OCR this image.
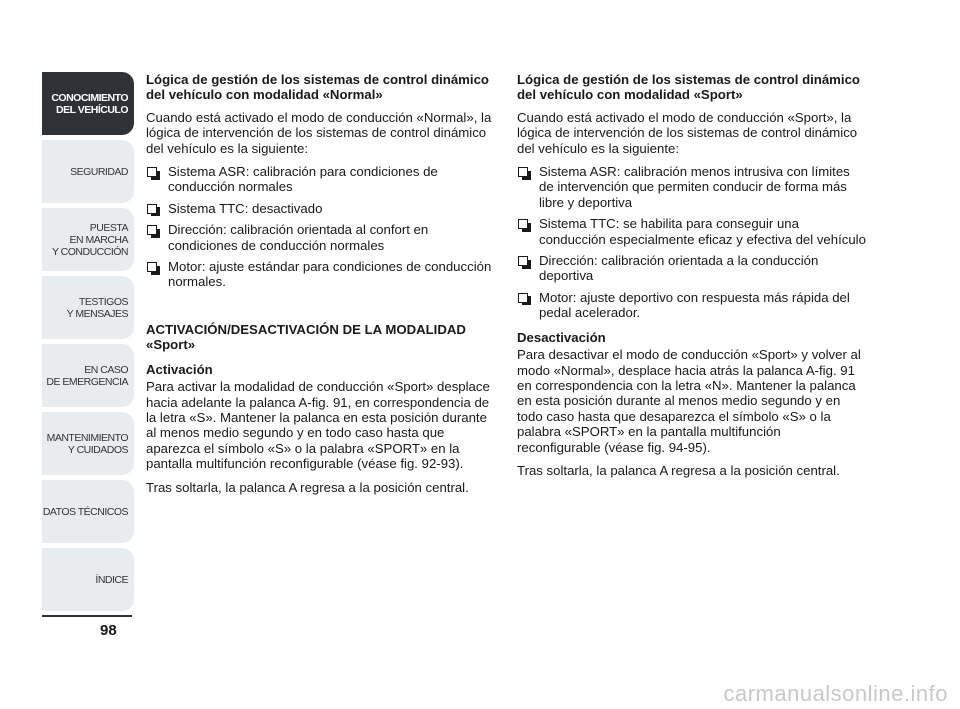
CONOCIMIENTO
DEL VEHÍCULO
SEGURIDAD
PUESTA
EN MARCHA
Y CONDUCCIÓN
TESTIGOS
Y MENSAJES
EN CASO
DE EMERGENCIA
MANTENIMIENTO
Y CUIDADOS
DATOS TÉCNICOS
ÍNDICE
98
Lógica de gestión de los sistemas de control dinámico del vehículo con modalidad «Normal»

Cuando está activado el modo de conducción «Normal», la lógica de intervención de los sistemas de control dinámico del vehículo es la siguiente:

Sistema ASR: calibración para condiciones de conducción normales
Sistema TTC: desactivado
Dirección: calibración orientada al confort en condiciones de conducción normales
Motor: ajuste estándar para condiciones de conducción normales.
ACTIVACIÓN/DESACTIVACIÓN DE LA MODALIDAD «Sport»
Activación

Para activar la modalidad de conducción «Sport» desplace hacia adelante la palanca A-fig. 91, en correspondencia de la letra «S». Mantener la palanca en esta posición durante al menos medio segundo y en todo caso hasta que aparezca el símbolo «S» o la palabra «SPORT» en la pantalla multifunción reconfigurable (véase fig. 92-93).

Tras soltarla, la palanca A regresa a la posición central.

Lógica de gestión de los sistemas de control dinámico del vehículo con modalidad «Sport»

Cuando está activado el modo de conducción «Sport», la lógica de intervención de los sistemas de control dinámico del vehículo es la siguiente:

Sistema ASR: calibración menos intrusiva con límites de intervención que permiten conducir de forma más libre y deportiva
Sistema TTC: se habilita para conseguir una conducción especialmente eficaz y efectiva del vehículo
Dirección: calibración orientada a la conducción deportiva
Motor: ajuste deportivo con respuesta más rápida del pedal acelerador.
Desactivación

Para desactivar el modo de conducción «Sport» y volver al modo «Normal», desplace hacia atrás la palanca A-fig. 91 en correspondencia con la letra «N». Mantener la palanca en esta posición durante al menos medio segundo y en todo caso hasta que desaparezca el símbolo «S» o la palabra «SPORT» en la pantalla multifunción reconfigurable (véase fig. 94-95).

Tras soltarla, la palanca A regresa a la posición central.

carmanualsonline.info
